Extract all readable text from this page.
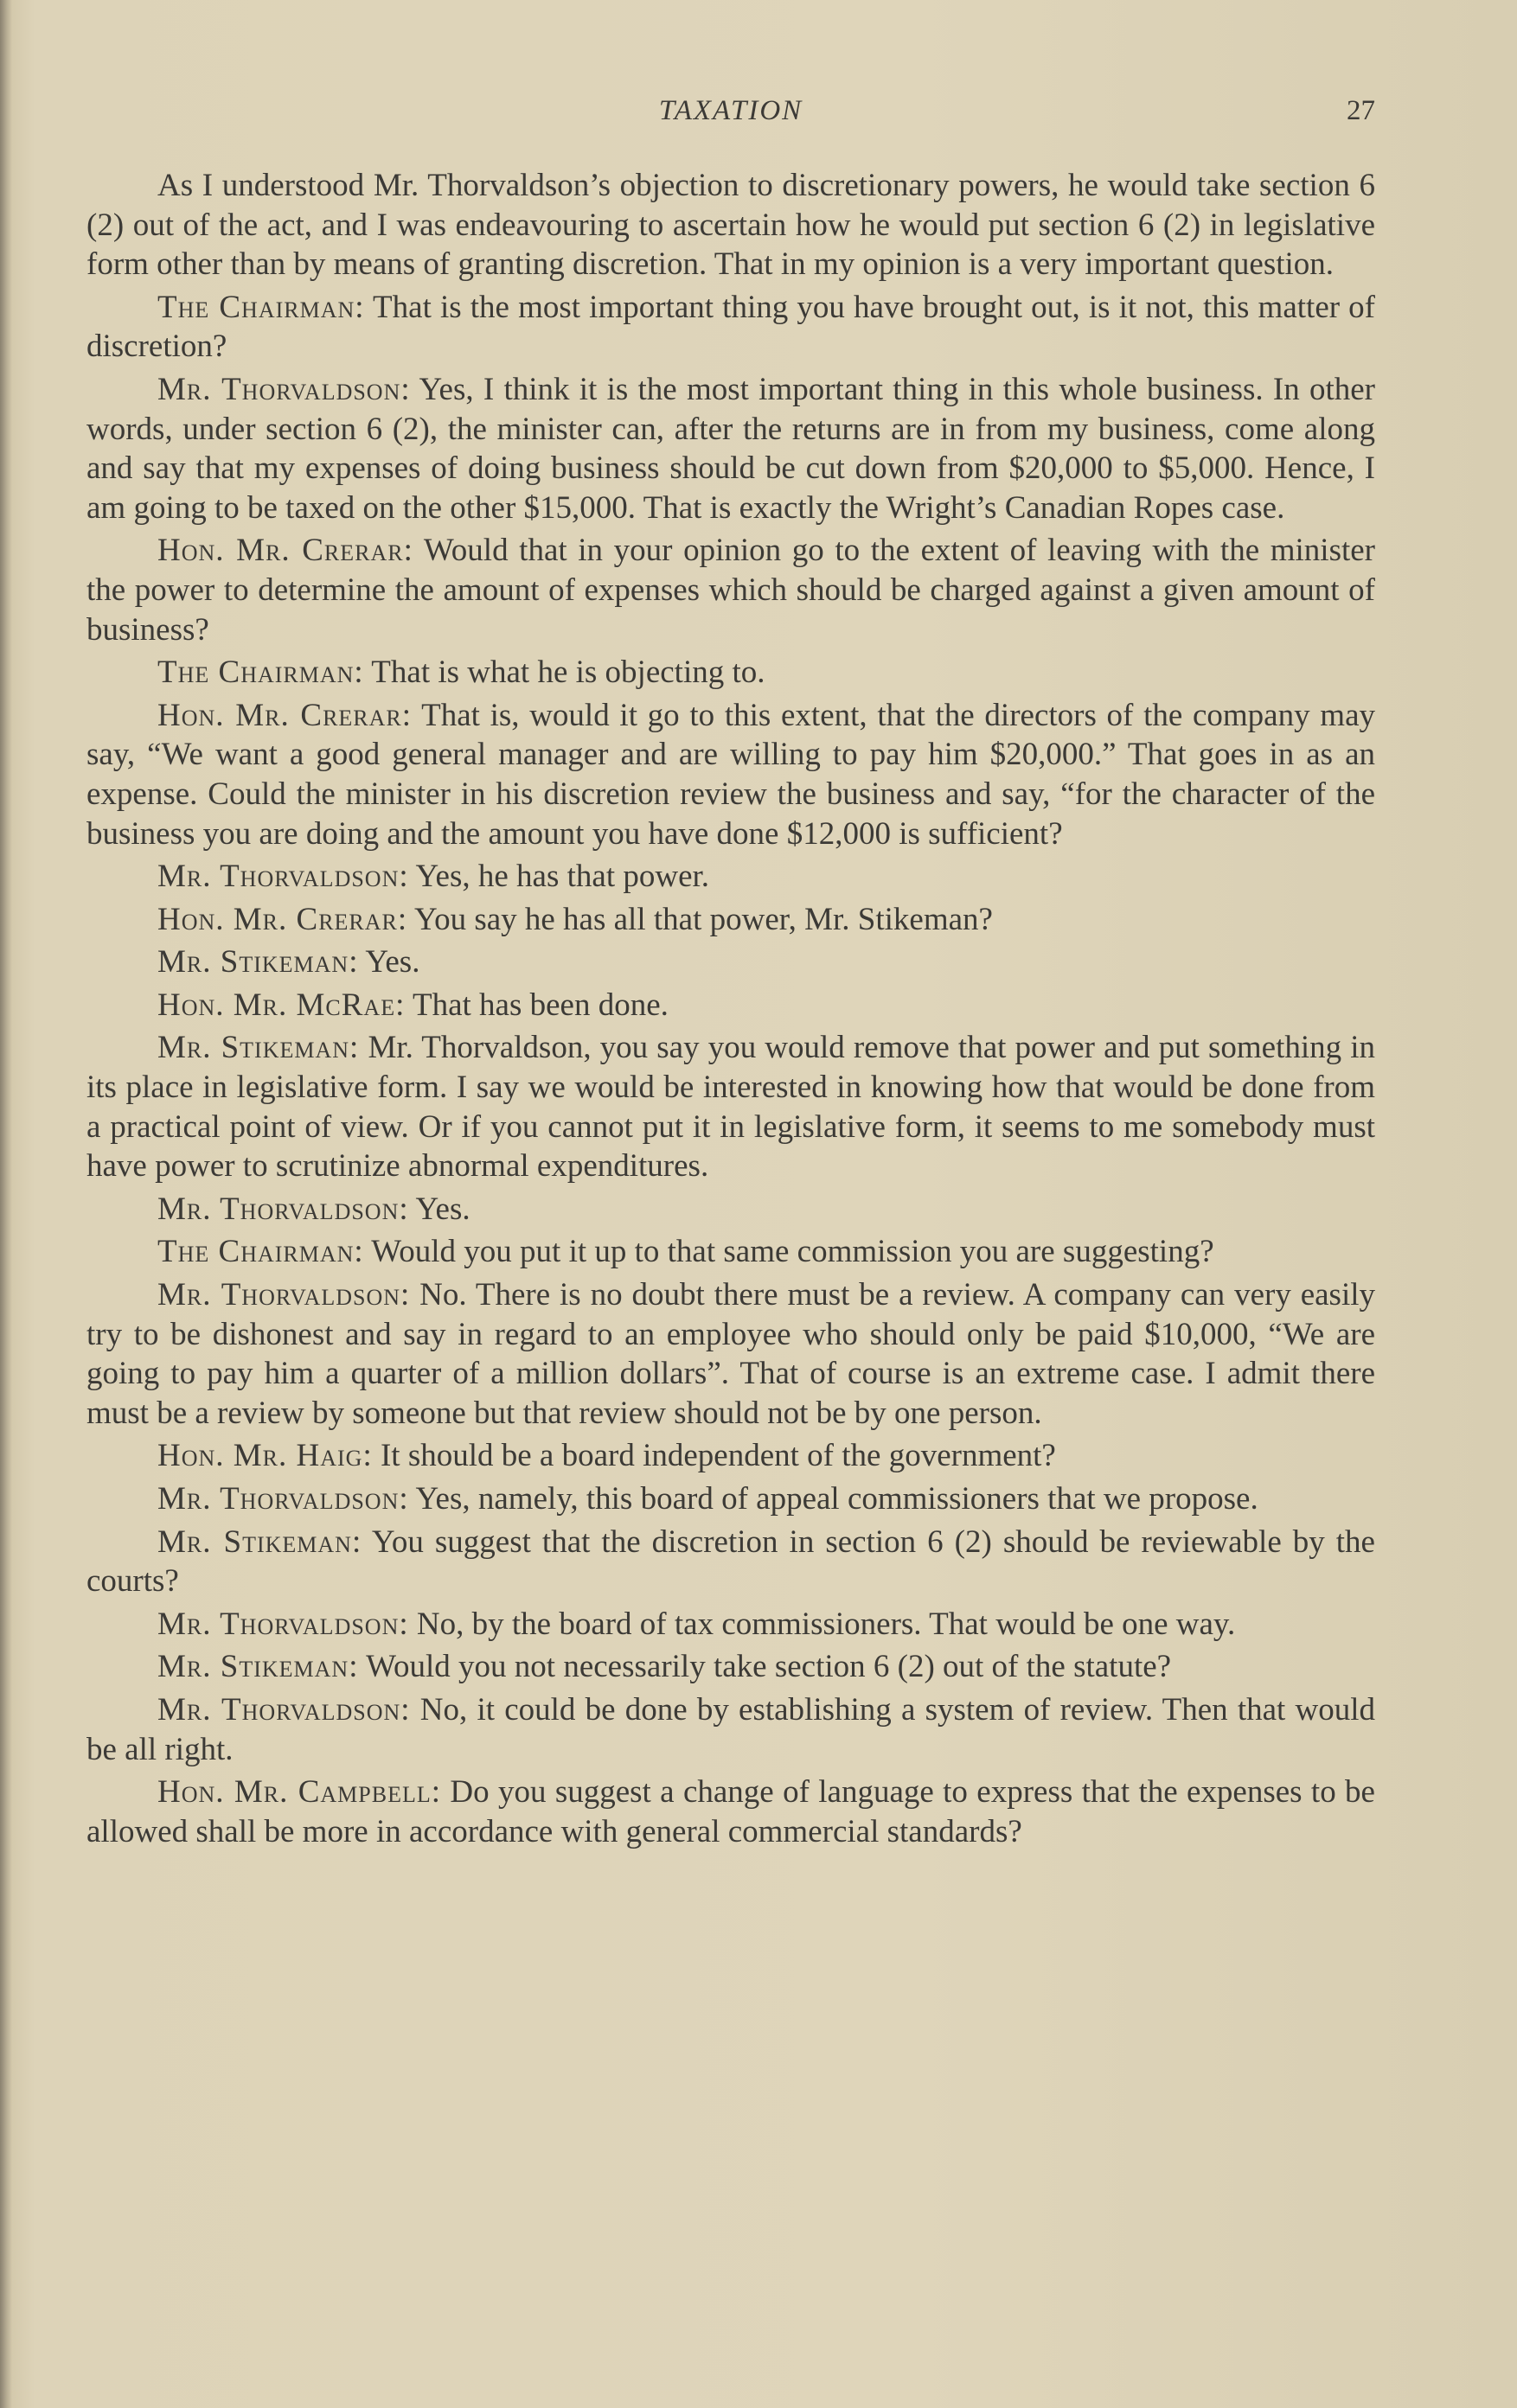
TAXATION	27

As I understood Mr. Thorvaldson’s objection to discretionary powers, he would take section 6 (2) out of the act, and I was endeavouring to ascertain how he would put section 6 (2) in legislative form other than by means of granting discretion. That in my opinion is a very important question.

The Chairman: That is the most important thing you have brought out, is it not, this matter of discretion?

Mr. Thorvaldson: Yes, I think it is the most important thing in this whole business. In other words, under section 6 (2), the minister can, after the returns are in from my business, come along and say that my expenses of doing business should be cut down from $20,000 to $5,000. Hence, I am going to be taxed on the other $15,000. That is exactly the Wright’s Canadian Ropes case.

Hon. Mr. Crerar: Would that in your opinion go to the extent of leaving with the minister the power to determine the amount of expenses which should be charged against a given amount of business?

The Chairman: That is what he is objecting to.

Hon. Mr. Crerar: That is, would it go to this extent, that the directors of the company may say, “We want a good general manager and are willing to pay him $20,000.” That goes in as an expense. Could the minister in his discretion review the business and say, “for the character of the business you are doing and the amount you have done $12,000 is sufficient?

Mr. Thorvaldson: Yes, he has that power.

Hon. Mr. Crerar: You say he has all that power, Mr. Stikeman?

Mr. Stikeman: Yes.

Hon. Mr. McRae: That has been done.

Mr. Stikeman: Mr. Thorvaldson, you say you would remove that power and put something in its place in legislative form. I say we would be interested in knowing how that would be done from a practical point of view. Or if you cannot put it in legislative form, it seems to me somebody must have power to scrutinize abnormal expenditures.

Mr. Thorvaldson: Yes.

The Chairman: Would you put it up to that same commission you are suggesting?

Mr. Thorvaldson: No. There is no doubt there must be a review. A company can very easily try to be dishonest and say in regard to an employee who should only be paid $10,000, “We are going to pay him a quarter of a million dollars”. That of course is an extreme case. I admit there must be a review by someone but that review should not be by one person.

Hon. Mr. Haig: It should be a board independent of the government?

Mr. Thorvaldson: Yes, namely, this board of appeal commissioners that we propose.

Mr. Stikeman: You suggest that the discretion in section 6 (2) should be reviewable by the courts?

Mr. Thorvaldson: No, by the board of tax commissioners. That would be one way.

Mr. Stikeman: Would you not necessarily take section 6 (2) out of the statute?

Mr. Thorvaldson: No, it could be done by establishing a system of review. Then that would be all right.

Hon. Mr. Campbell: Do you suggest a change of language to express that the expenses to be allowed shall be more in accordance with general commercial standards?
